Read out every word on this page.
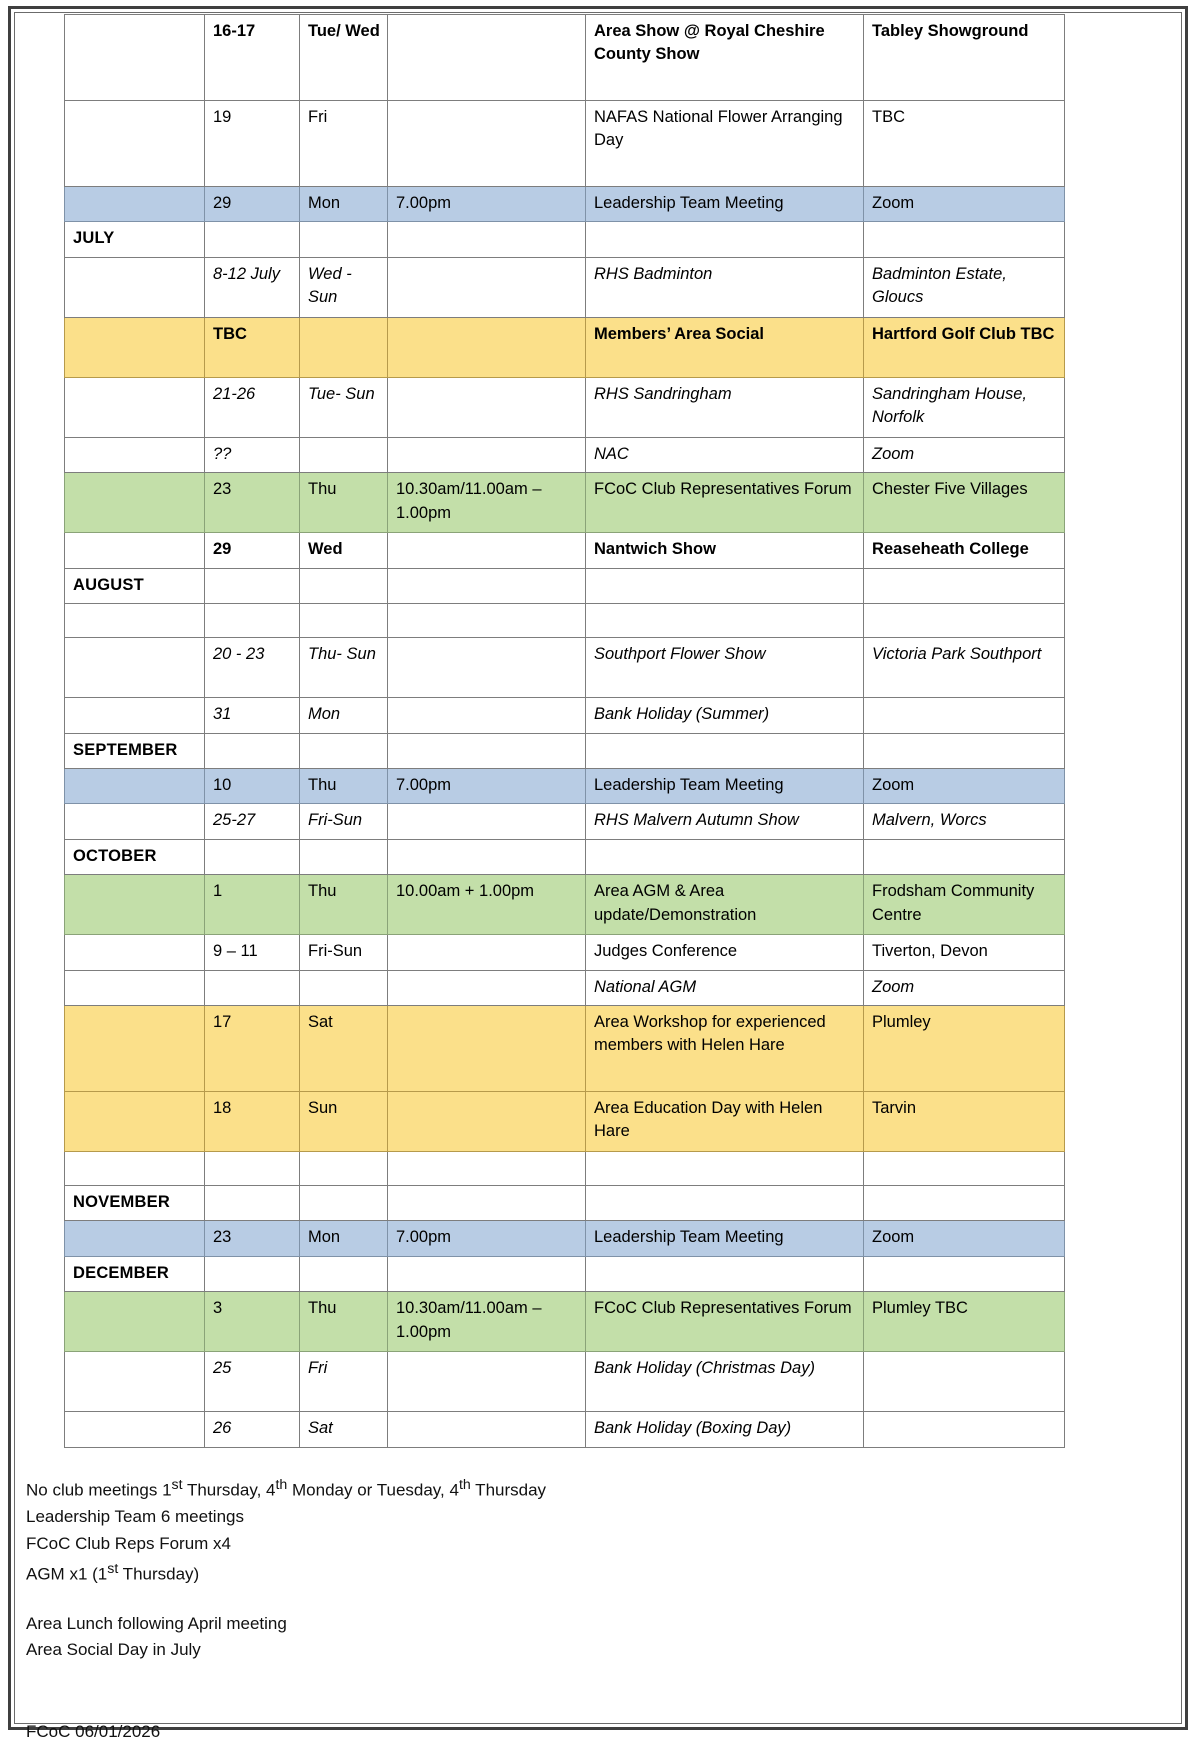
	16-17	Tue/ Wed		Area Show @ Royal Cheshire County Show	Tabley Showground
	19	Fri		NAFAS National Flower Arranging Day	TBC
	29	Mon	7.00pm	Leadership Team Meeting	Zoom
JULY					
	8-12 July	Wed - Sun		RHS Badminton	Badminton Estate, Gloucs
	TBC			Members’ Area Social	Hartford Golf Club TBC
	21-26	Tue- Sun		RHS Sandringham	Sandringham House, Norfolk
	??			NAC	Zoom
	23	Thu	10.30am/11.00am – 1.00pm	FCoC Club Representatives Forum	Chester Five Villages
	29	Wed		Nantwich Show	Reaseheath College
AUGUST					

	20 - 23	Thu- Sun		Southport Flower Show	Victoria Park Southport
	31	Mon		Bank Holiday (Summer)	
SEPTEMBER					
	10	Thu	7.00pm	Leadership Team Meeting	Zoom
	25-27	Fri-Sun		RHS Malvern Autumn Show	Malvern, Worcs
OCTOBER					
	1	Thu	10.00am + 1.00pm	Area AGM & Area update/Demonstration	Frodsham Community Centre
	9 – 11	Fri-Sun		Judges Conference	Tiverton, Devon
				National AGM	Zoom
	17	Sat		Area Workshop for experienced members with Helen Hare	Plumley
	18	Sun		Area Education Day with Helen Hare	Tarvin

NOVEMBER					
	23	Mon	7.00pm	Leadership Team Meeting	Zoom
DECEMBER					
	3	Thu	10.30am/11.00am – 1.00pm	FCoC Club Representatives Forum	Plumley TBC
	25	Fri		Bank Holiday (Christmas Day)	
	26	Sat		Bank Holiday (Boxing Day)	
No club meetings 1st Thursday, 4th Monday or Tuesday, 4th Thursday
Leadership Team 6 meetings
FCoC Club Reps Forum x4
AGM x1 (1st Thursday)
Area Lunch following April meeting
Area Social Day in July
FCoC 06/01/2026
